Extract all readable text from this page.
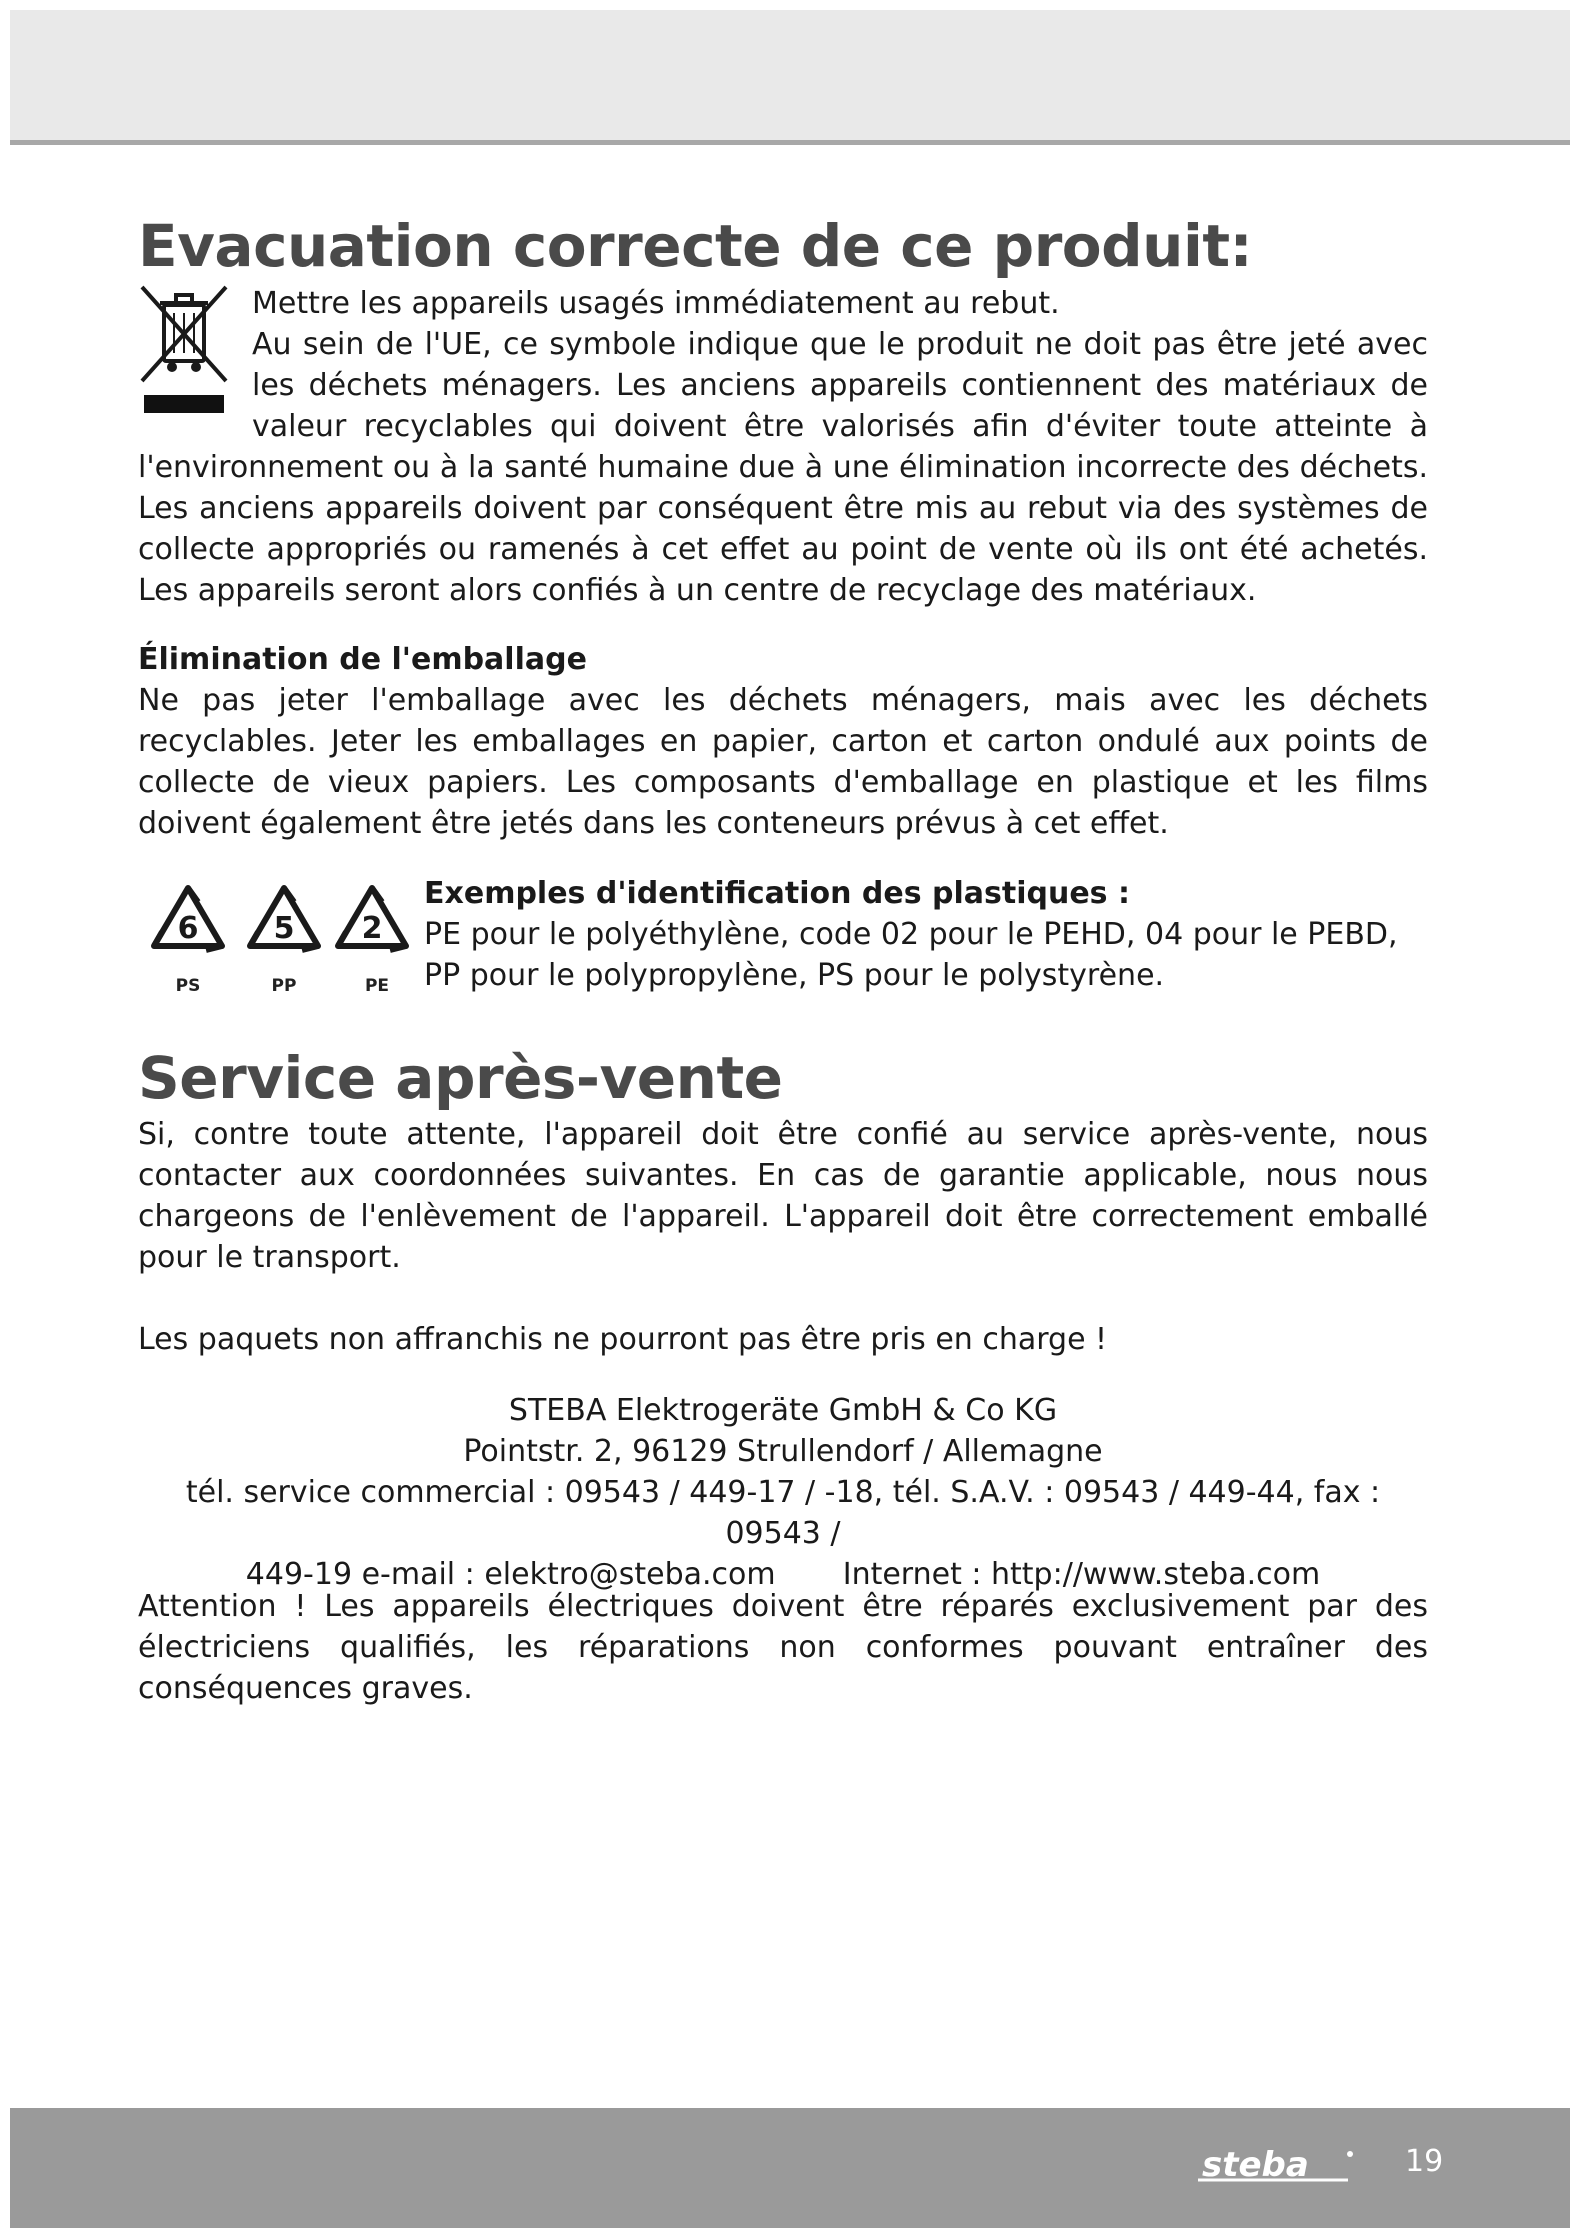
Evacuation correcte de ce produit:

Mettre les appareils usagés immédiatement au rebut.

Au sein de l'UE, ce symbole indique que le produit ne doit pas être jeté avec

les déchets ménagers. Les anciens appareils contiennent des matériaux de

valeur recyclables qui doivent être valorisés afin d'éviter toute atteinte à

l'environnement ou à la santé humaine due à une élimination incorrecte des déchets. Les anciens appareils doivent par conséquent être mis au rebut via des systèmes de collecte appropriés ou ramenés à cet effet au point de vente où ils ont été achetés. Les appareils seront alors confiés à un centre de recyclage des matériaux.

Élimination de l'emballage

Ne pas jeter l'emballage avec les déchets ménagers, mais avec les déchets recyclables. Jeter les emballages en papier, carton et carton ondulé aux points de collecte de vieux papiers. Les composants d'emballage en plastique et les films doivent également être jetés dans les conteneurs prévus à cet effet.

6
PS
5
PP
2
PE
Exemples d'identification des plastiques :

PE pour le polyéthylène, code 02 pour le PEHD, 04 pour le PEBD,

PP pour le polypropylène, PS pour le polystyrène.

Service après-vente

Si, contre toute attente, l'appareil doit être confié au service après-vente, nous contacter aux coordonnées suivantes. En cas de garantie applicable, nous nous chargeons de l'enlèvement de l'appareil. L'appareil doit être correctement emballé pour le transport.

Les paquets non affranchis ne pourront pas être pris en charge !

STEBA Elektrogeräte GmbH & Co KG
Pointstr. 2, 96129 Strullendorf / Allemagne
tél. service commercial : 09543 / 449-17 / -18, tél. S.A.V. : 09543 / 449-44, fax : 09543 /
449-19 e-mail : elektro@steba.com Internet : http://www.steba.com

Attention ! Les appareils électriques doivent être réparés exclusivement par des électriciens qualifiés, les réparations non conformes pouvant entraîner des conséquences graves.

steba	19
